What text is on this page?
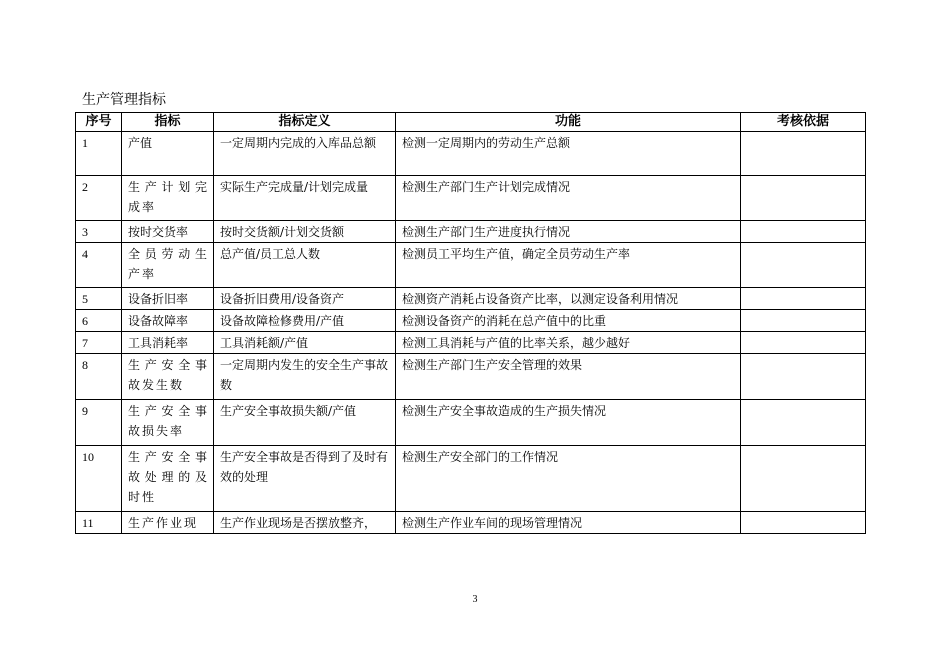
生产管理指标
序号	指标	指标定义	功能	考核依据
1	产值	一定周期内完成的入库品总额	检测一定周期内的劳动生产总额	
2	生产计划完成率	实际生产完成量/计划完成量	检测生产部门生产计划完成情况	
3	按时交货率	按时交货额/计划交货额	检测生产部门生产进度执行情况	
4	全员劳动生产率	总产值/员工总人数	检测员工平均生产值，确定全员劳动生产率	
5	设备折旧率	设备折旧费用/设备资产	检测资产消耗占设备资产比率，以测定设备利用情况	
6	设备故障率	设备故障检修费用/产值	检测设备资产的消耗在总产值中的比重	
7	工具消耗率	工具消耗额/产值	检测工具消耗与产值的比率关系，越少越好	
8	生产安全事故发生数	一定周期内发生的安全生产事故数	检测生产部门生产安全管理的效果	
9	生产安全事故损失率	生产安全事故损失额/产值	检测生产安全事故造成的生产损失情况	
10	生产安全事故处理的及时性	生产安全事故是否得到了及时有效的处理	检测生产安全部门的工作情况	
11	生产作业现	生产作业现场是否摆放整齐，	检测生产作业车间的现场管理情况	
3
